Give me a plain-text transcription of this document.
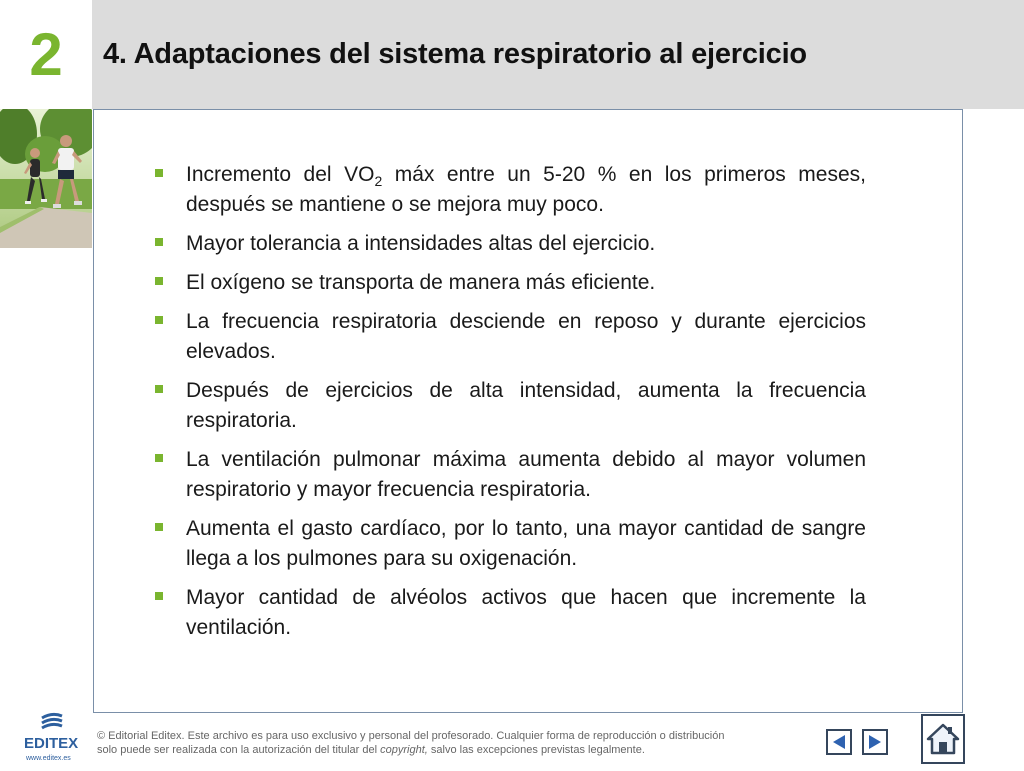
2	4. Adaptaciones del sistema respiratorio al ejercicio
Incremento del $VO_2$ máx entre un 5-20 % en los primeros meses, después se mantiene o se mejora muy poco.
Mayor tolerancia a intensidades altas del ejercicio.
El oxígeno se transporta de manera más eficiente.
La frecuencia respiratoria desciende en reposo y durante ejercicios elevados.
Después de ejercicios de alta intensidad, aumenta la frecuencia respiratoria.
La ventilación pulmonar máxima aumenta debido al mayor volumen respiratorio y mayor frecuencia respiratoria.
Aumenta el gasto cardíaco, por lo tanto, una mayor cantidad de sangre llega a los pulmones para su oxigenación.
Mayor cantidad de alvéolos activos que hacen que incremente la ventilación.
EDITEX
www.editex.es
© Editorial Editex. Este archivo es para uso exclusivo y personal del profesorado. Cualquier forma de reproducción o distribución
solo puede ser realizada con la autorización del titular del copyright, salvo las excepciones previstas legalmente.
